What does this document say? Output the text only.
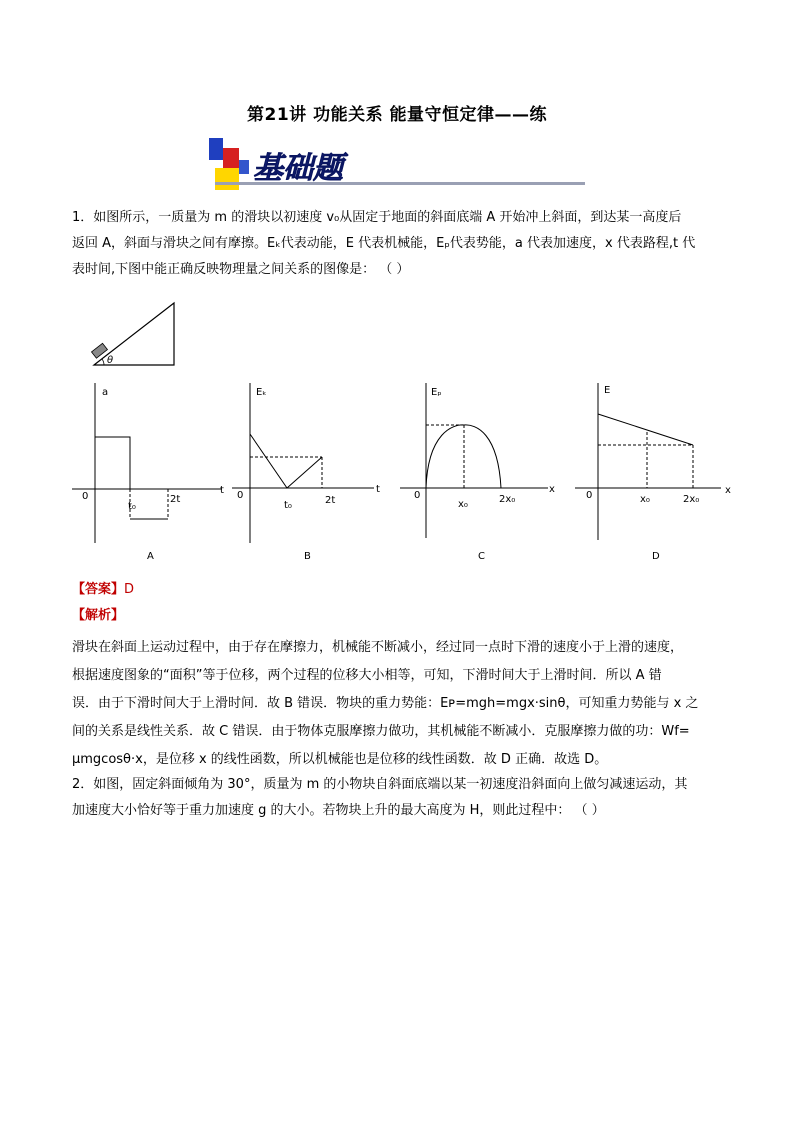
第21讲 功能关系 能量守恒定律——练
基础题
1．如图所示，一质量为 m 的滑块以初速度 v₀从固定于地面的斜面底端 A 开始冲上斜面，到达某一高度后
返回 A，斜面与滑块之间有摩擦。Eₖ代表动能，E 代表机械能，Eₚ代表势能，a 代表加速度，x 代表路程,t 代
表时间,下图中能正确反映物理量之间关系的图像是： （ ）
θ
a
t
0
t₀
2t
A
Eₖ
t
0
t₀	2t
B
Eₚ
x
0
x₀	2x₀
C
E
x
0	x₀	2x₀
D
【答案】D
【解析】
滑块在斜面上运动过程中，由于存在摩擦力，机械能不断减小，经过同一点时下滑的速度小于上滑的速度，
根据速度图象的“面积”等于位移，两个过程的位移大小相等，可知，下滑时间大于上滑时间．所以 A 错
误．由于下滑时间大于上滑时间．故 B 错误．物块的重力势能：Eᴘ=mgh=mgx·sinθ，可知重力势能与 x 之
间的关系是线性关系．故 C 错误．由于物体克服摩擦力做功，其机械能不断减小．克服摩擦力做的功：Wf=
μmgcosθ·x，是位移 x 的线性函数，所以机械能也是位移的线性函数．故 D 正确．故选 D。
2．如图，固定斜面倾角为 30°，质量为 m 的小物块自斜面底端以某一初速度沿斜面向上做匀减速运动，其
加速度大小恰好等于重力加速度 g 的大小。若物块上升的最大高度为 H，则此过程中： （ ）
